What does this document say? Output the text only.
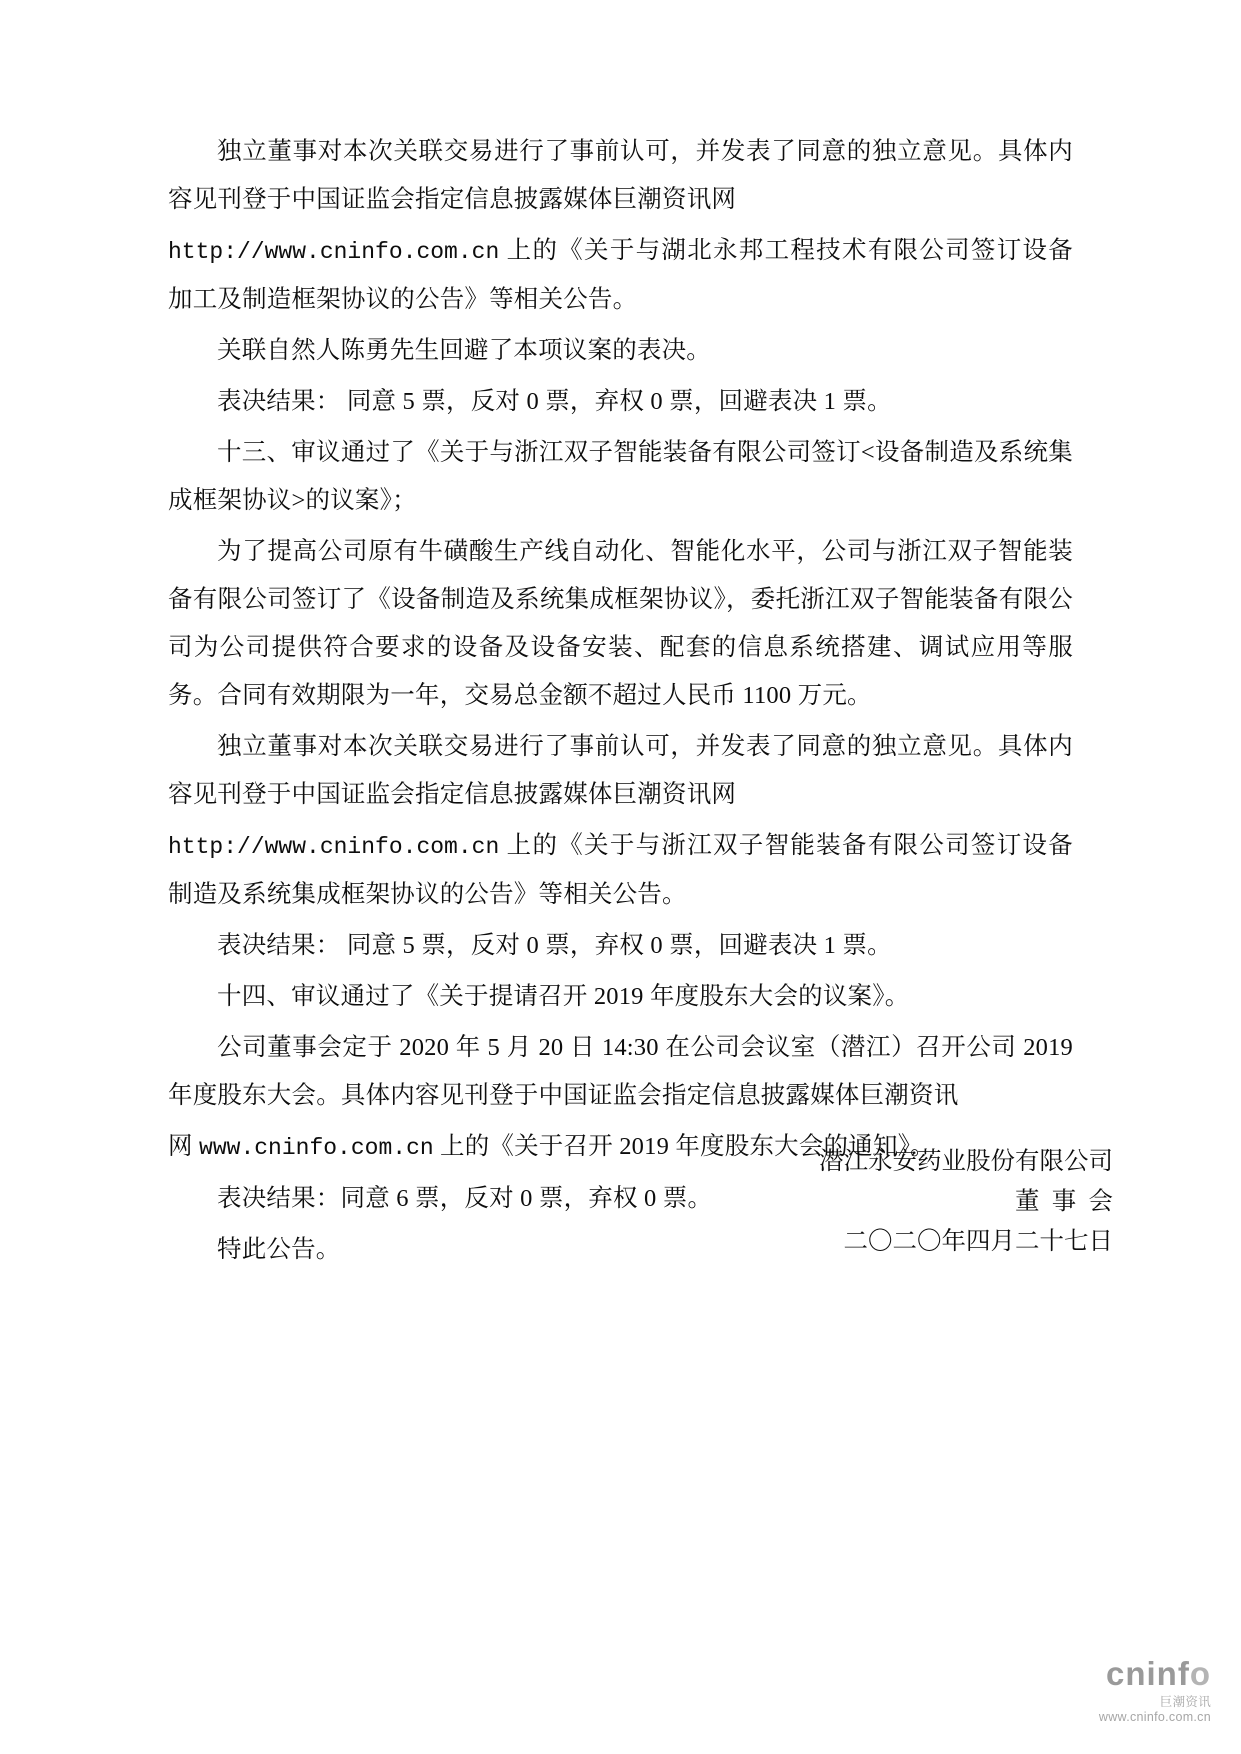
独立董事对本次关联交易进行了事前认可，并发表了同意的独立意见。具体内容见刊登于中国证监会指定信息披露媒体巨潮资讯网

http://www.cninfo.com.cn 上的《关于与湖北永邦工程技术有限公司签订设备加工及制造框架协议的公告》等相关公告。

关联自然人陈勇先生回避了本项议案的表决。

表决结果： 同意 5 票，反对 0 票，弃权 0 票，回避表决 1 票。

十三、审议通过了《关于与浙江双子智能装备有限公司签订<设备制造及系统集成框架协议>的议案》；

为了提高公司原有牛磺酸生产线自动化、智能化水平，公司与浙江双子智能装备有限公司签订了《设备制造及系统集成框架协议》，委托浙江双子智能装备有限公司为公司提供符合要求的设备及设备安装、配套的信息系统搭建、调试应用等服务。合同有效期限为一年，交易总金额不超过人民币 1100 万元。

独立董事对本次关联交易进行了事前认可，并发表了同意的独立意见。具体内容见刊登于中国证监会指定信息披露媒体巨潮资讯网

http://www.cninfo.com.cn 上的《关于与浙江双子智能装备有限公司签订设备制造及系统集成框架协议的公告》等相关公告。

表决结果： 同意 5 票，反对 0 票，弃权 0 票，回避表决 1 票。

十四、审议通过了《关于提请召开 2019 年度股东大会的议案》。

公司董事会定于 2020 年 5 月 20 日 14:30 在公司会议室（潜江）召开公司 2019 年度股东大会。具体内容见刊登于中国证监会指定信息披露媒体巨潮资讯

网 www.cninfo.com.cn 上的《关于召开 2019 年度股东大会的通知》。

表决结果：同意 6 票，反对 0 票，弃权 0 票。

特此公告。

潜江永安药业股份有限公司
董  事  会
二〇二〇年四月二十七日
cninfo
巨潮资讯
www.cninfo.com.cn
